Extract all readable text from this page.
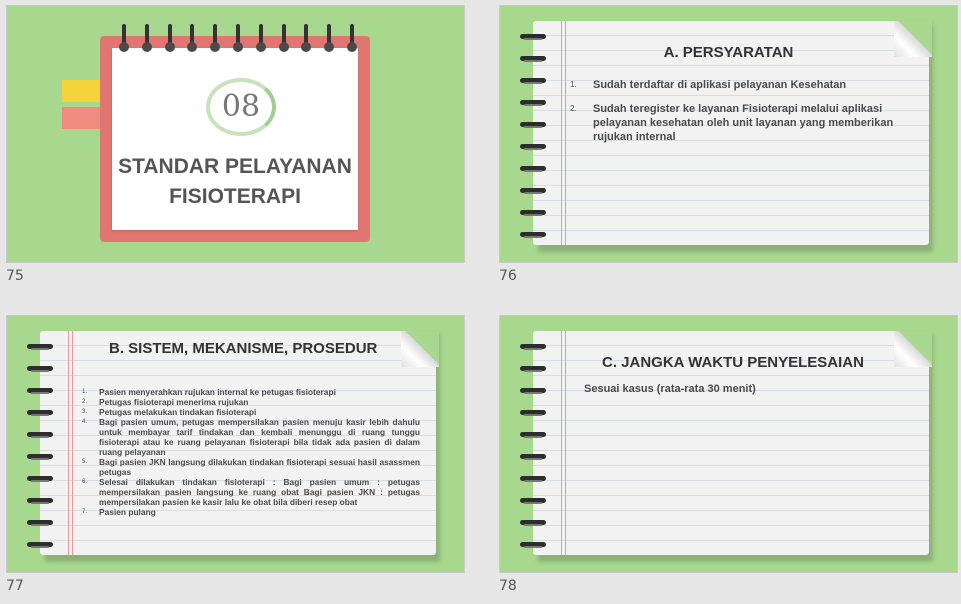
08
STANDAR PELAYANAN
FISIOTERAPI
75
A. PERSYARATAN
1. Sudah terdaftar di aplikasi pelayanan Kesehatan
2. Sudah teregister ke layanan Fisioterapi melalui aplikasi pelayanan kesehatan oleh unit layanan yang memberikan rujukan internal
76
B. SISTEM, MEKANISME, PROSEDUR
1. Pasien menyerahkan rujukan internal ke petugas fisioterapi
2. Petugas fisioterapi menerima rujukan
3. Petugas melakukan tindakan fisioterapi
4. Bagi pasien umum, petugas mempersilakan pasien menuju kasir lebih dahulu untuk membayar tarif tindakan dan kembali menunggu di ruang tunggu fisioterapi atau ke ruang pelayanan fisioterapi bila tidak ada pasien di dalam ruang pelayanan
5. Bagi pasien JKN langsung dilakukan tindakan fisioterapi sesuai hasil asassmen petugas
6. Selesai dilakukan tindakan fisioterapi : Bagi pasien umum : petugas mempersilakan pasien langsung ke ruang obat Bagi pasien JKN : petugas mempersilakan pasien ke kasir lalu ke obat bila diberi resep obat
7. Pasien pulang
77
C. JANGKA WAKTU PENYELESAIAN
Sesuai kasus (rata-rata 30 menit)
78
